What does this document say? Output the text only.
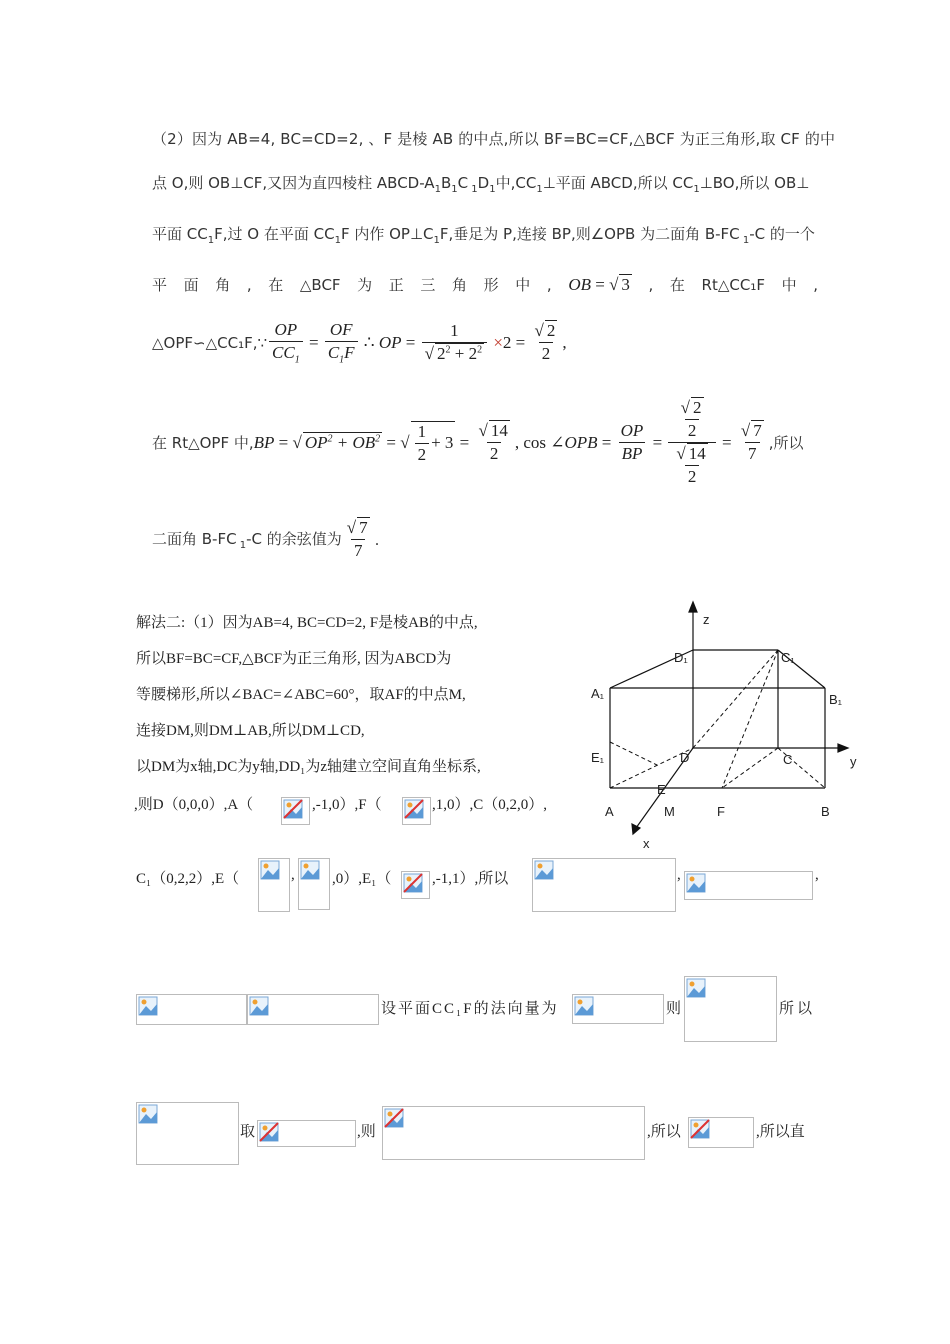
（2）因为 AB=4, BC=CD=2, 、F 是棱 AB 的中点,所以 BF=BC=CF,△BCF 为正三角形,取 CF 的中
点 O,则 OB⊥CF,又因为直四棱柱 ABCD-$A_1B_1C$ $_1D_1$中$,CC_1\perp$平面 ABCD,所以 $CC_1\perp BO$,所以 OB⊥
平面 $CC_1F$,过 O 在平面 $CC_1F$ 内作 $OP\perp C_1F$,垂足为 P,连接 BP,则∠OPB 为二面角 B-FC $_1$-C 的一个
平 面 角 , 在 △BCF 为 正 三 角 形 中 , OB = √ 3 , 在 Rt△CC₁F 中 ,
△OPF∽△CC₁F,∵ $\frac{OP}{CC_1} = \frac{OF}{C_1F}$ ∴ OP = $\frac{1}{√ 2^2 + 2^2} \times 2 = \frac{√ 2}{2}$ ,
在 Rt△OPF 中, BP = √ $OP^2 + OB^2$ = √ $\frac{1}{2} + 3 = \frac{√ 14}{2}$ , cos ∠ OPB = $\frac{OP}{BP} = \frac{\frac{√ 2}{2}}{\frac{√ 14}{2}} = \frac{√ 7}{7}$ ,所以
二面角 B-FC $_1$-C 的余弦值为 $\frac{√ 7}{7}$ .
解法二:（1）因为AB=4, BC=CD=2, F是棱AB的中点,
所以BF=BC=CF,△BCF为正三角形, 因为ABCD为
等腰梯形,所以∠BAC=∠ABC=60°，取AF的中点M,
连接DM,则DM⊥AB,所以DM⊥CD,
以DM为x轴,DC为y轴,DD₁为z轴建立空间直角坐标系,
,则D（0,0,0）,A（	,-1,0）,F（	,1,0）,C（0,2,0）,
C₁（0,2,2）,E（	, ,0）,E₁（	,-1,1）,所以	,	,
设平面CC₁F的法向量为	则	所以
取	,则	,所以	,所以直
z
D₁	C₁
A₁	B₁
E₁	D	C	y
A
E
M	F	B
x
